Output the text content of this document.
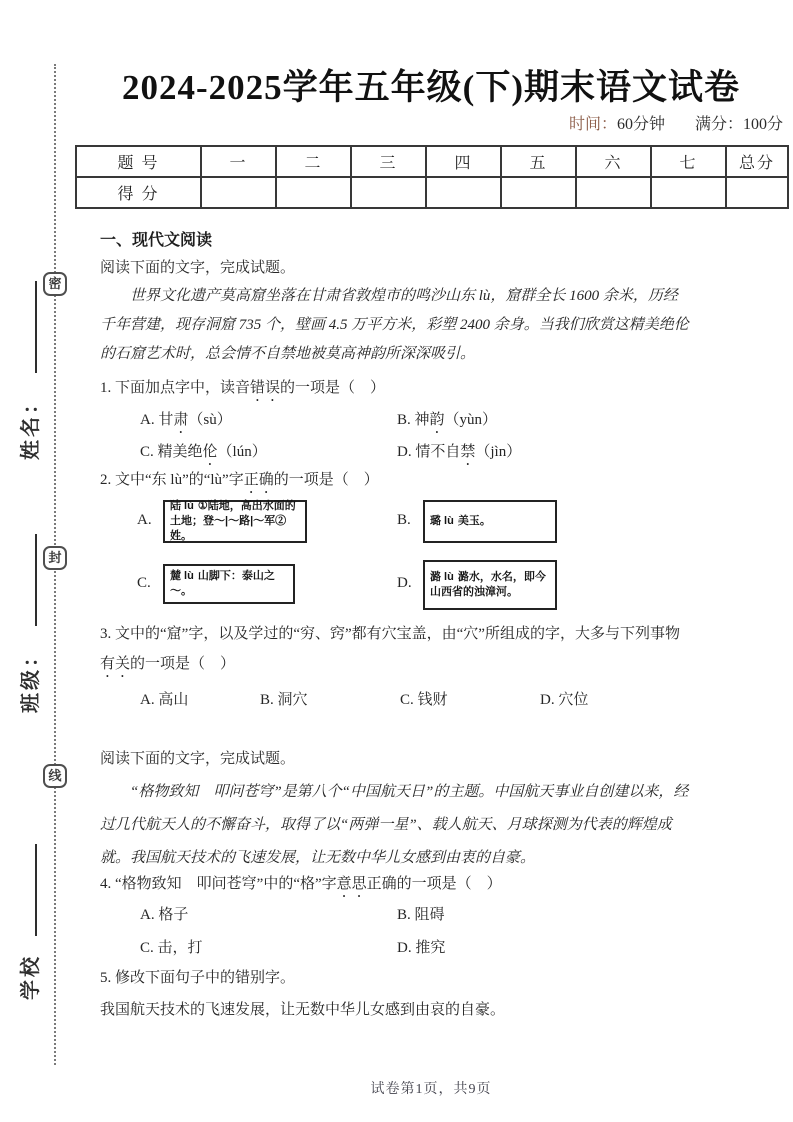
密
封
线
姓名：
班级：
学校
2024-2025学年五年级(下)期末语文试卷
时间：60分钟 满分：100分
题 号	一	二	三	四	五	六	七	总分
得 分								
一、现代文阅读
阅读下面的文字，完成试题。
世界文化遗产莫高窟坐落在甘肃省敦煌市的鸣沙山东 lù，窟群全长 1600 余米，历经千年营建，现存洞窟 735 个，壁画 4.5 万平方米，彩塑 2400 余身。当我们欣赏这精美绝伦的石窟艺术时，总会情不自禁地被莫高神韵所深深吸引。
1. 下面加点字中，读音错误的一项是（　）
A. 甘肃（sù）	B. 神韵（yùn）
C. 精美绝伦（lún）	D. 情不自禁（jìn）
2. 文中“东 lù”的“lù”字正确的一项是（　）
A.
陆 lù ①陆地，高出水面的土地；登～|～路|～军②姓。
B. 璐 lù 美玉。
C. 麓 lù 山脚下：泰山之～。	D. 潞 lù 潞水，水名，即今山西省的浊漳河。
3. 文中的“窟”字，以及学过的“穷、窍”都有穴宝盖，由“穴”所组成的字，大多与下列事物
有关的一项是（　）
A. 高山	B. 洞穴	C. 钱财	D. 穴位
阅读下面的文字，完成试题。
“格物致知　叩问苍穹”是第八个“中国航天日”的主题。中国航天事业自创建以来，经过几代航天人的不懈奋斗，取得了以“两弹一星”、载人航天、月球探测为代表的辉煌成就。我国航天技术的飞速发展，让无数中华儿女感到由衷的自豪。
4. “格物致知　叩问苍穹”中的“格”字意思正确的一项是（　）
A. 格子	B. 阻碍
C. 击，打	D. 推究
5. 修改下面句子中的错别字。
我国航天技术的飞速发展，让无数中华儿女感到由哀的自豪。
试卷第1页，共9页
